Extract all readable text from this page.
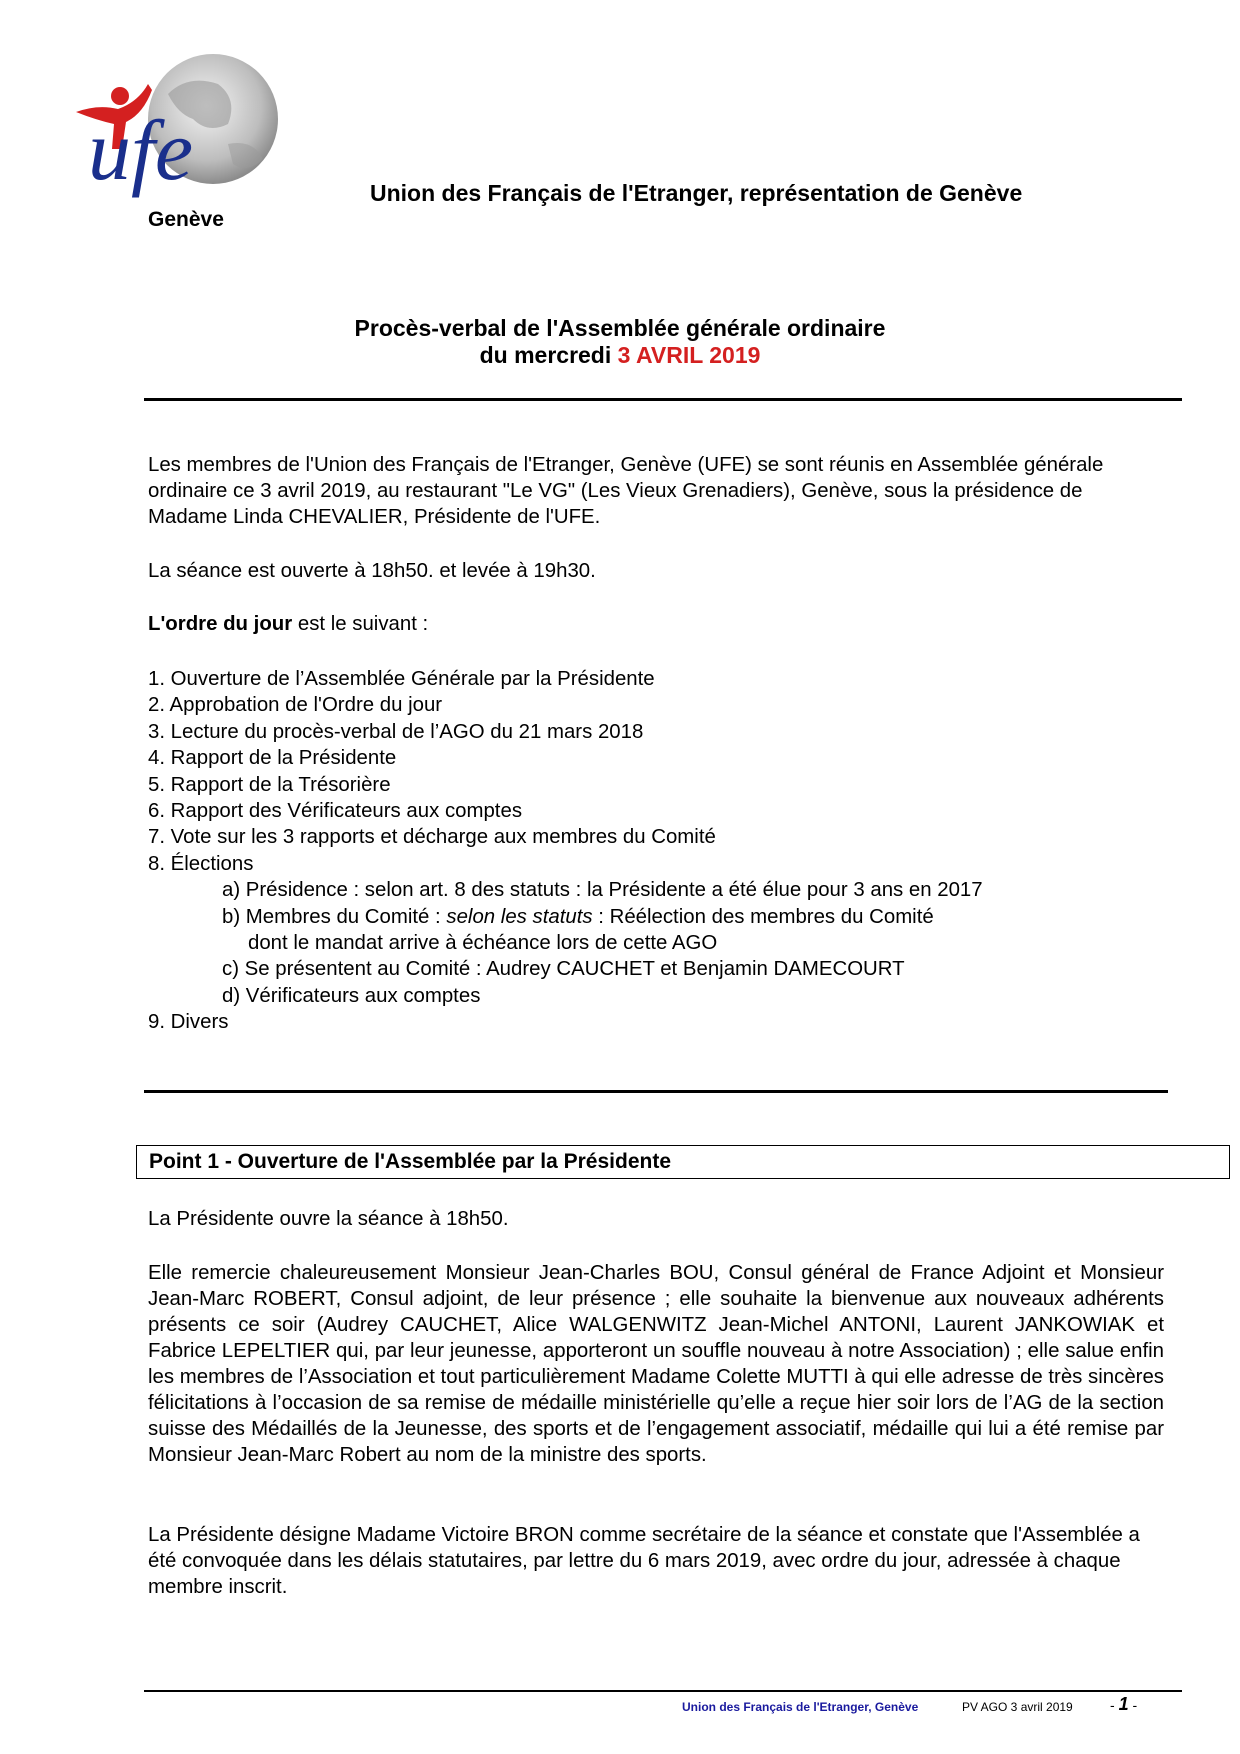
ufe
Genève
Union des Français de l'Etranger, représentation de Genève
Procès-verbal de l'Assemblée générale ordinaire
du mercredi 3 AVRIL 2019
Les membres de l'Union des Français de l'Etranger, Genève (UFE) se sont réunis en Assemblée générale ordinaire ce 3 avril 2019, au restaurant "Le VG" (Les Vieux Grenadiers), Genève, sous la présidence de Madame Linda CHEVALIER, Présidente de l'UFE.
La séance est ouverte à 18h50. et levée à 19h30.
L'ordre du jour est le suivant :
1. Ouverture de l’Assemblée Générale par la Présidente
2. Approbation de l'Ordre du jour
3. Lecture du procès-verbal de l’AGO du 21 mars 2018
4. Rapport de la Présidente
5. Rapport de la Trésorière
6. Rapport des Vérificateurs aux comptes
7. Vote sur les 3 rapports et décharge aux membres du Comité
8. Élections
a) Présidence : selon art. 8 des statuts : la Présidente a été élue pour 3 ans en 2017
b) Membres du Comité : selon les statuts : Réélection des membres du Comité
dont le mandat arrive à échéance lors de cette AGO
c) Se présentent au Comité : Audrey CAUCHET et Benjamin DAMECOURT
d) Vérificateurs aux comptes
9. Divers
Point 1 - Ouverture de l'Assemblée par la Présidente
La Présidente ouvre la séance à 18h50.
Elle remercie chaleureusement Monsieur Jean-Charles BOU, Consul général de France Adjoint et Monsieur Jean-Marc ROBERT, Consul adjoint, de leur présence ; elle souhaite la bienvenue aux nouveaux adhérents présents ce soir (Audrey CAUCHET, Alice WALGENWITZ Jean-Michel ANTONI, Laurent JANKOWIAK et Fabrice LEPELTIER qui, par leur jeunesse, apporteront un souffle nouveau à notre Association) ; elle salue enfin les membres de l’Association et tout particulièrement Madame Colette MUTTI à qui elle adresse de très sincères félicitations à l’occasion de sa remise de médaille ministérielle qu’elle a reçue hier soir lors de l’AG de la section suisse des Médaillés de la Jeunesse, des sports et de l’engagement associatif, médaille qui lui a été remise par Monsieur Jean-Marc Robert au nom de la ministre des sports.
La Présidente désigne Madame Victoire BRON comme secrétaire de la séance et constate que l'Assemblée a été convoquée dans les délais statutaires, par lettre du 6 mars 2019, avec ordre du jour, adressée à chaque membre inscrit.
Union des Français de l'Etranger, Genève	PV AGO 3 avril 2019	- 1 -
